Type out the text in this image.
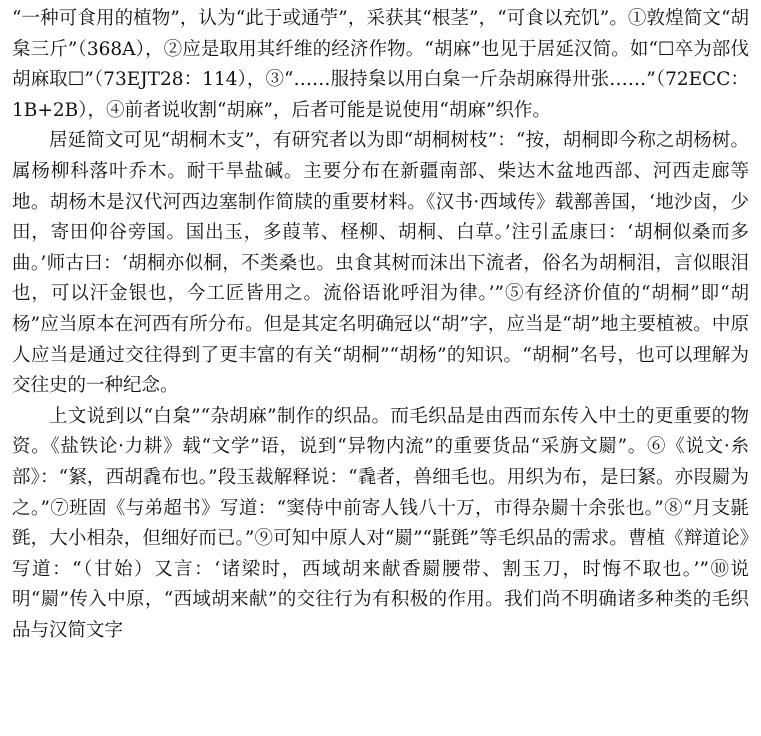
“一种可食用的植物”，认为“此于或通苧”，采获其“根茎”，“可食以充饥”。①敦煌简文“胡枲三斤”（368A），②应是取用其纤维的经济作物。“胡麻”也见于居延汉简。如“☐卒为部伐胡麻取☐”（73EJT28：114），③“……服持枲以用白枲一斤杂胡麻得卅张……”（72ECC：1B+2B），④前者说收割“胡麻”，后者可能是说使用“胡麻”织作。

居延简文可见“胡桐木支”，有研究者以为即“胡桐树枝”：“按，胡桐即今称之胡杨树。属杨柳科落叶乔木。耐干旱盐碱。主要分布在新疆南部、柴达木盆地西部、河西走廊等地。胡杨木是汉代河西边塞制作简牍的重要材料。《汉书·西域传》载鄯善国，‘地沙卤，少田，寄田仰谷旁国。国出玉，多葭苇、柽柳、胡桐、白草。’注引孟康曰：‘胡桐似桑而多曲。’师古曰：‘胡桐亦似桐，不类桑也。虫食其树而沫出下流者，俗名为胡桐泪，言似眼泪也，可以汗金银也，今工匠皆用之。流俗语讹呼泪为律。’”⑤有经济价值的“胡桐”即“胡杨”应当原本在河西有所分布。但是其定名明确冠以“胡”字，应当是“胡”地主要植被。中原人应当是通过交往得到了更丰富的有关“胡桐”“胡杨”的知识。“胡桐”名号，也可以理解为交往史的一种纪念。

上文说到以“白枲”“杂胡麻”制作的织品。而毛织品是由西而东传入中土的更重要的物资。《盐铁论·力耕》载“文学”语，说到“异物内流”的重要货品“采旃文罽”。⑥《说文·糸部》：“䋈，西胡毳布也。”段玉裁解释说：“毳者，兽细毛也。用织为布，是曰䋈。亦叚罽为之。”⑦班固《与弟超书》写道：“窦侍中前寄人钱八十万，市得杂罽十余张也。”⑧“月支毾㲪，大小相杂，但细好而已。”⑨可知中原人对“罽”“毾㲪”等毛织品的需求。曹植《辩道论》写道：“（甘始）又言：‘诸梁时，西域胡来献香罽腰带、割玉刀，时悔不取也。’”⑩说明“罽”传入中原，“西域胡来献”的交往行为有积极的作用。我们尚不明确诸多种类的毛织品与汉简文字
